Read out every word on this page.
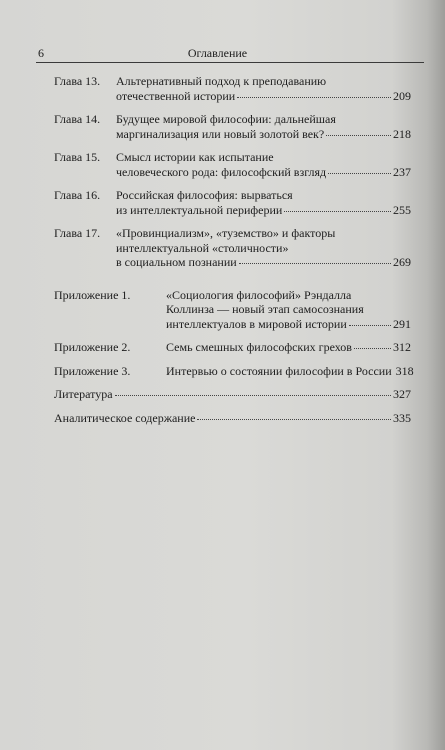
6	Оглавление
Глава 13. Альтернативный подход к преподаванию
отечественной истории	209
Глава 14. Будущее мировой философии: дальнейшая
маргинализация или новый золотой век?	218
Глава 15. Смысл истории как испытание
человеческого рода: философский взгляд	237
Глава 16. Российская философия: вырваться
из интеллектуальной периферии	255
Глава 17. «Провинциализм», «туземство» и факторы
интеллектуальной «столичности»
в социальном познании	269
Приложение 1.	«Социология философий» Рэндалла
Коллинза — новый этап самосознания
интеллектуалов в мировой истории	291
Приложение 2.	Семь смешных философских грехов	312
Приложение 3.	Интервью о состоянии философии в России 318
Литература	327
Аналитическое содержание	335
